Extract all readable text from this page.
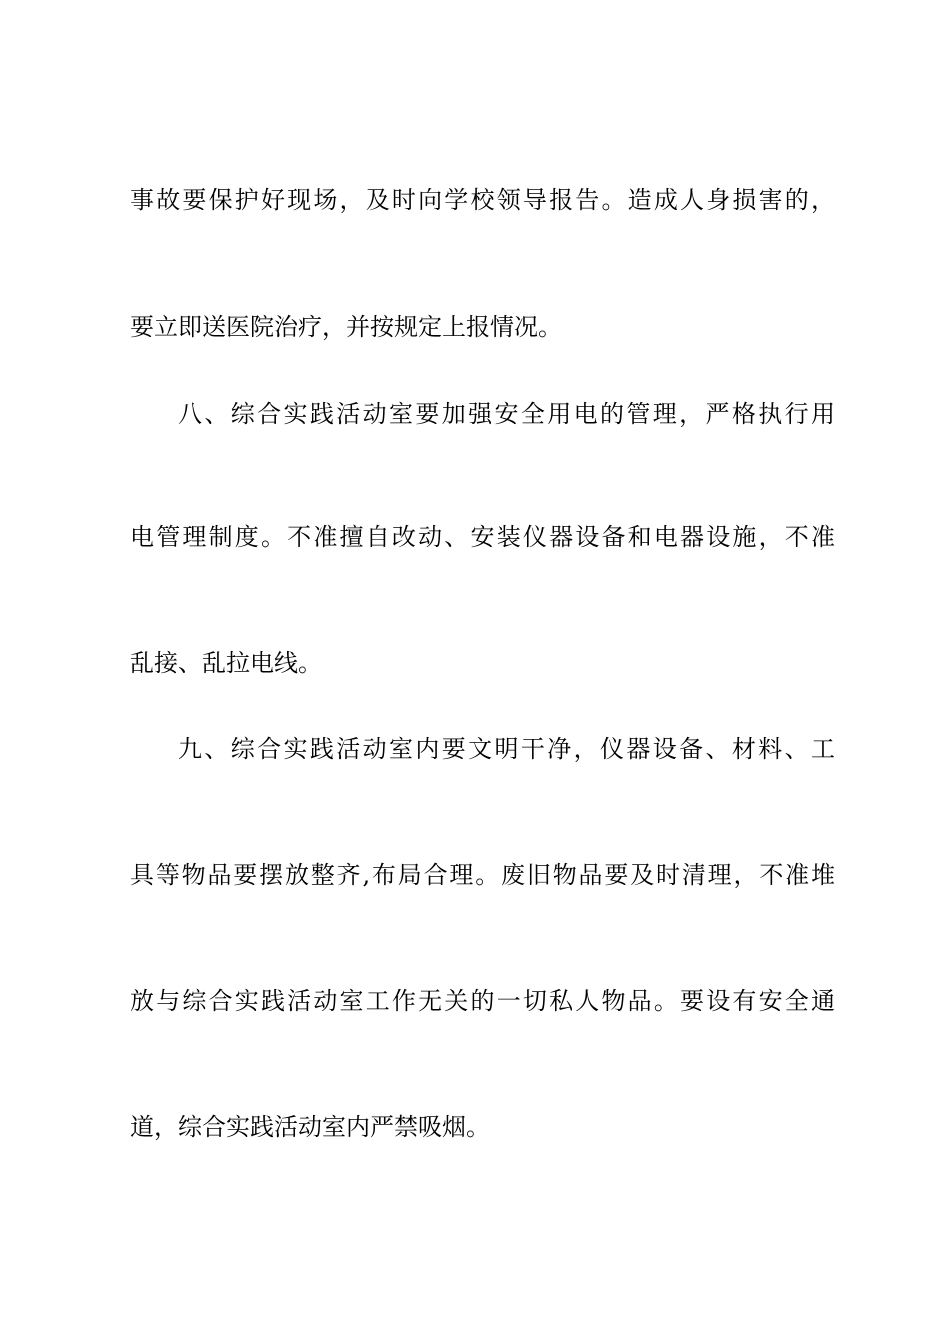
事故要保护好现场，及时向学校领导报告。造成人身损害的，
要立即送医院治疗，并按规定上报情况。
八、综合实践活动室要加强安全用电的管理，严格执行用
电管理制度。不准擅自改动、安装仪器设备和电器设施，不准
乱接、乱拉电线。
九、综合实践活动室内要文明干净，仪器设备、材料、工
具等物品要摆放整齐,布局合理。废旧物品要及时清理，不准堆
放与综合实践活动室工作无关的一切私人物品。要设有安全通
道，综合实践活动室内严禁吸烟。
